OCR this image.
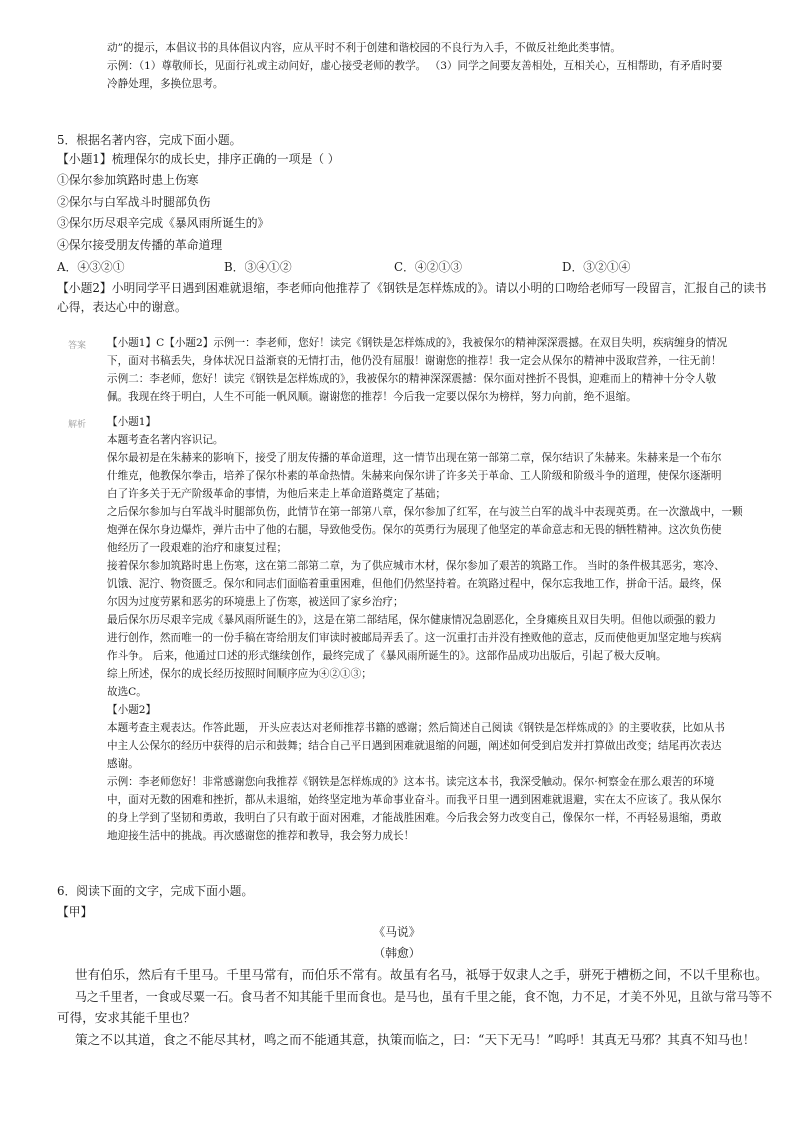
动”的提示，本倡议书的具体倡议内容，应从平时不利于创建和谐校园的不良行为入手，不做反社绝此类事情。
示例：（1）尊敬师长，见面行礼或主动问好，虚心接受老师的教学。 （3）同学之间要友善相处，互相关心，互相帮助，有矛盾时要
冷静处理，多换位思考。
5．根据名著内容，完成下面小题。
【小题1】梳理保尔的成长史，排序正确的一项是（ ）
①保尔参加筑路时患上伤寒
②保尔与白军战斗时腿部负伤
③保尔历尽艰辛完成《暴风雨所诞生的》
④保尔接受朋友传播的革命道理
A．④③②①	B．③④①②	C．④②①③	D．③②①④
【小题2】小明同学平日遇到困难就退缩，李老师向他推荐了《钢铁是怎样炼成的》。请以小明的口吻给老师写一段留言，汇报自己的读书
心得，表达心中的谢意。
答案 【小题1】C【小题2】示例一：李老师，您好！读完《钢铁是怎样炼成的》，我被保尔的精神深深震撼。在双目失明，疾病缠身的情况
下，面对书稿丢失，身体状况日益渐衰的无情打击，他仍没有屈服！谢谢您的推荐！我一定会从保尔的精神中汲取营养，一往无前！
示例二：李老师，您好！读完《钢铁是怎样炼成的》，我被保尔的精神深深震撼：保尔面对挫折不畏惧，迎难而上的精神十分令人敬
佩。我现在终于明白，人生不可能一帆风顺。谢谢您的推荐！今后我一定要以保尔为榜样，努力向前，绝不退缩。
解析 【小题1】
本题考查名著内容识记。
保尔最初是在朱赫来的影响下，接受了朋友传播的革命道理，这一情节出现在第一部第二章，保尔结识了朱赫来。朱赫来是一个布尔
什维克，他教保尔拳击，培养了保尔朴素的革命热情。朱赫来向保尔讲了许多关于革命、工人阶级和阶级斗争的道理，使保尔逐渐明
白了许多关于无产阶级革命的事情，为他后来走上革命道路奠定了基础；
之后保尔参加与白军战斗时腿部负伤，此情节在第一部第八章，保尔参加了红军，在与波兰白军的战斗中表现英勇。在一次激战中，一颗
炮弹在保尔身边爆炸，弹片击中了他的右腿，导致他受伤。保尔的英勇行为展现了他坚定的革命意志和无畏的牺牲精神。这次负伤使
他经历了一段艰难的治疗和康复过程；
接着保尔参加筑路时患上伤寒，这在第二部第二章，为了供应城市木材，保尔参加了艰苦的筑路工作。 当时的条件极其恶劣，寒冷、
饥饿、泥泞、物资匮乏。保尔和同志们面临着重重困难，但他们仍然坚持着。在筑路过程中，保尔忘我地工作，拼命干活。最终，保
尔因为过度劳累和恶劣的环境患上了伤寒，被送回了家乡治疗；
最后保尔历尽艰辛完成《暴风雨所诞生的》，这是在第二部结尾，保尔健康情况急剧恶化，全身瘫痪且双目失明。但他以顽强的毅力
进行创作，然而唯一的一份手稿在寄给朋友们审读时被邮局弄丢了。这一沉重打击并没有挫败他的意志，反而使他更加坚定地与疾病
作斗争。 后来，他通过口述的形式继续创作，最终完成了《暴风雨所诞生的》。这部作品成功出版后，引起了极大反响。
综上所述，保尔的成长经历按照时间顺序应为④②①③；
故选C。
【小题2】
本题考查主观表达。作答此题， 开头应表达对老师推荐书籍的感谢；然后简述自己阅读《钢铁是怎样炼成的》的主要收获，比如从书
中主人公保尔的经历中获得的启示和鼓舞；结合自己平日遇到困难就退缩的问题，阐述如何受到启发并打算做出改变；结尾再次表达
感谢。
示例：李老师您好！非常感谢您向我推荐《钢铁是怎样炼成的》这本书。读完这本书，我深受触动。保尔·柯察金在那么艰苦的环境
中，面对无数的困难和挫折，都从未退缩，始终坚定地为革命事业奋斗。而我平日里一遇到困难就退避，实在太不应该了。我从保尔
的身上学到了坚韧和勇敢，我明白了只有敢于面对困难，才能战胜困难。今后我会努力改变自己，像保尔一样，不再轻易退缩，勇敢
地迎接生活中的挑战。再次感谢您的推荐和教导，我会努力成长！
6．阅读下面的文字，完成下面小题。
【甲】
《马说》
（韩愈）
世有伯乐，然后有千里马。千里马常有，而伯乐不常有。故虽有名马，祗辱于奴隶人之手，骈死于槽枥之间，不以千里称也。
马之千里者，一食或尽粟一石。食马者不知其能千里而食也。是马也，虽有千里之能，食不饱，力不足，才美不外见，且欲与常马等不
可得，安求其能千里也？
策之不以其道，食之不能尽其材，鸣之而不能通其意，执策而临之，曰：“天下无马！”呜呼！其真无马邪？其真不知马也！
